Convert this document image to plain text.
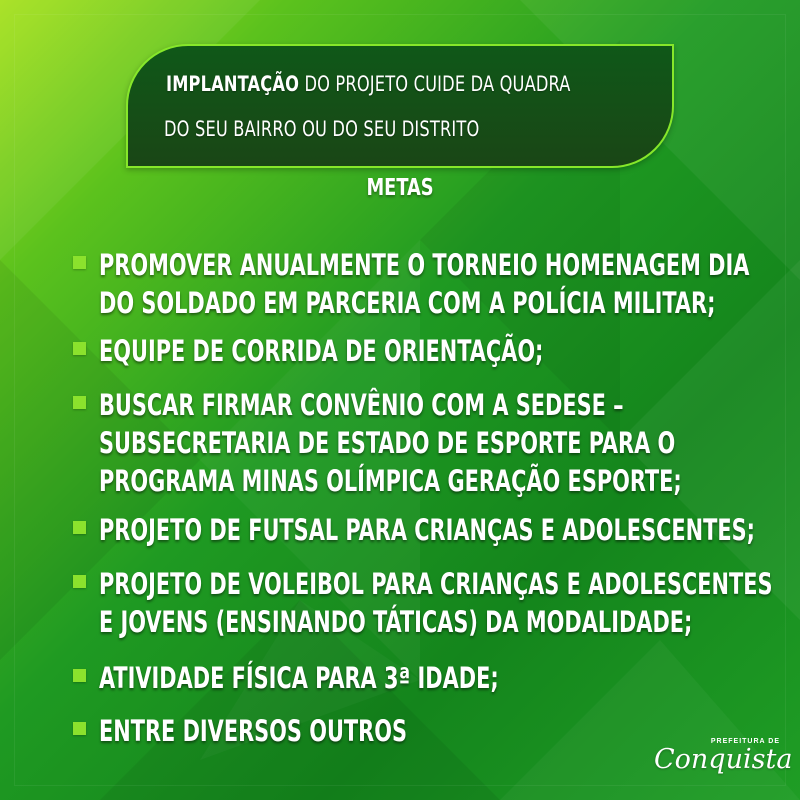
IMPLANTAÇÃO DO PROJETO CUIDE DA QUADRA
DO SEU BAIRRO OU DO SEU DISTRITO
METAS
PROMOVER ANUALMENTE O TORNEIO HOMENAGEM DIA
DO SOLDADO EM PARCERIA COM A POLÍCIA MILITAR;
EQUIPE DE CORRIDA DE ORIENTAÇÃO;
BUSCAR FIRMAR CONVÊNIO COM A SEDESE –
SUBSECRETARIA DE ESTADO DE ESPORTE PARA O
PROGRAMA MINAS OLÍMPICA GERAÇÃO ESPORTE;
PROJETO DE FUTSAL PARA CRIANÇAS E ADOLESCENTES;
PROJETO DE VOLEIBOL PARA CRIANÇAS E ADOLESCENTES
E JOVENS (ENSINANDO TÁTICAS) DA MODALIDADE;
ATIVIDADE FÍSICA PARA 3ª IDADE;
ENTRE DIVERSOS OUTROS	PREFEITURA DE
Conquista
